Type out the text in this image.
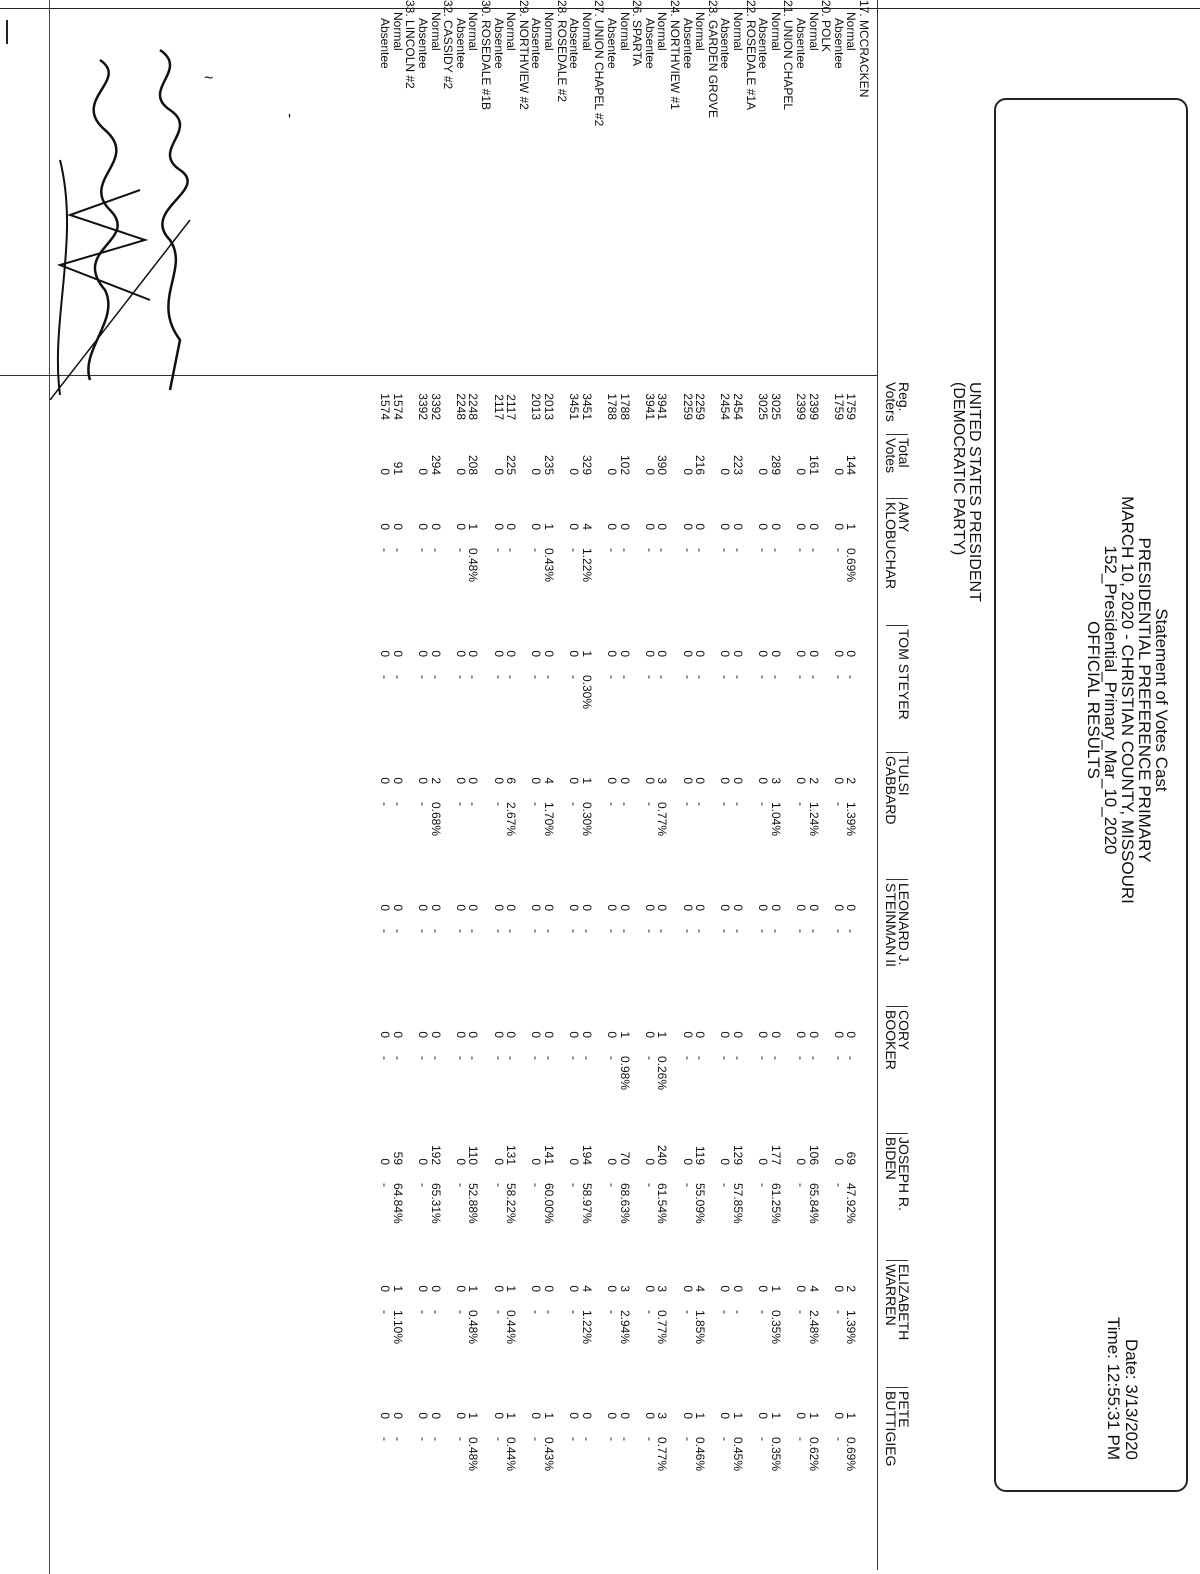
'
~
Statement of Votes Cast
PRESIDENTIAL PREFERENCE PRIMARY
MARCH 10, 2020 - CHRISTIAN COUNTY, MISSOURI
152_Presidential_Primary_Mar_10_2020
OFFICIAL RESULTS
Date: 3/13/2020
Time: 12:55:31 PM
UNITED STATES PRESIDENT
(DEMOCRATIC PARTY)
Reg.
Voters
Total
Votes
AMY
KLOBUCHAR
TOM STEYER
TULSI
GABBARD
LEONARD J.
STEINMAN II
CORY
BOOKER
JOSEPH R.
BIDEN
ELIZABETH
WARREN
PETE
BUTTIGIEG
17. MCCRACKEN
Normal
1759
144
1
0.69%
0
-
2
1.39%
0
-
0
-
69
47.92%
2
1.39%
1
0.69%
Absentee
1759
0
0
-
0
-
0
-
0
-
0
-
0
-
0
-
0
-
20. POLK
Normal
2399
161
0
-
0
-
2
1.24%
0
-
0
-
106
65.84%
4
2.48%
1
0.62%
Absentee
2399
0
0
-
0
-
0
-
0
-
0
-
0
-
0
-
0
-
21. UNION CHAPEL
Normal
3025
289
0
-
0
-
3
1.04%
0
-
0
-
177
61.25%
1
0.35%
1
0.35%
Absentee
3025
0
0
-
0
-
0
-
0
-
0
-
0
-
0
-
0
-
22. ROSEDALE #1A
Normal
2454
223
0
-
0
-
0
-
0
-
0
-
129
57.85%
0
-
1
0.45%
Absentee
2454
0
0
-
0
-
0
-
0
-
0
-
0
-
0
-
0
-
23. GARDEN GROVE
Normal
2259
216
0
-
0
-
0
-
0
-
0
-
119
55.09%
4
1.85%
1
0.46%
Absentee
2259
0
0
-
0
-
0
-
0
-
0
-
0
-
0
-
0
-
24. NORTHVIEW #1
Normal
3941
390
0
-
0
-
3
0.77%
0
-
1
0.26%
240
61.54%
3
0.77%
3
0.77%
Absentee
3941
0
0
-
0
-
0
-
0
-
0
-
0
-
0
-
0
-
26. SPARTA
Normal
1788
102
0
-
0
-
0
-
0
-
1
0.98%
70
68.63%
3
2.94%
0
-
Absentee
1788
0
0
-
0
-
0
-
0
-
0
-
0
-
0
-
0
-
27. UNION CHAPEL #2
Normal
3451
329
4
1.22%
1
0.30%
1
0.30%
0
-
0
-
194
58.97%
4
1.22%
0
-
Absentee
3451
0
0
-
0
-
0
-
0
-
0
-
0
-
0
-
0
-
28. ROSEDALE #2
Normal
2013
235
1
0.43%
0
-
4
1.70%
0
-
0
-
141
60.00%
0
-
1
0.43%
Absentee
2013
0
0
-
0
-
0
-
0
-
0
-
0
-
0
-
0
-
29. NORTHVIEW #2
Normal
2117
225
0
-
0
-
6
2.67%
0
-
0
-
131
58.22%
1
0.44%
1
0.44%
Absentee
2117
0
0
-
0
-
0
-
0
-
0
-
0
-
0
-
0
-
30. ROSEDALE #1B
Normal
2248
208
1
0.48%
0
-
0
-
0
-
0
-
110
52.88%
1
0.48%
1
0.48%
Absentee
2248
0
0
-
0
-
0
-
0
-
0
-
0
-
0
-
0
-
32. CASSIDY #2
Normal
3392
294
0
-
0
-
2
0.68%
0
-
0
-
192
65.31%
0
-
0
-
Absentee
3392
0
0
-
0
-
0
-
0
-
0
-
0
-
0
-
0
-
33. LINCOLN #2
Normal
1574
91
0
-
0
-
0
-
0
-
0
-
59
64.84%
1
1.10%
0
-
Absentee
1574
0
0
-
0
-
0
-
0
-
0
-
0
-
0
-
0
-
